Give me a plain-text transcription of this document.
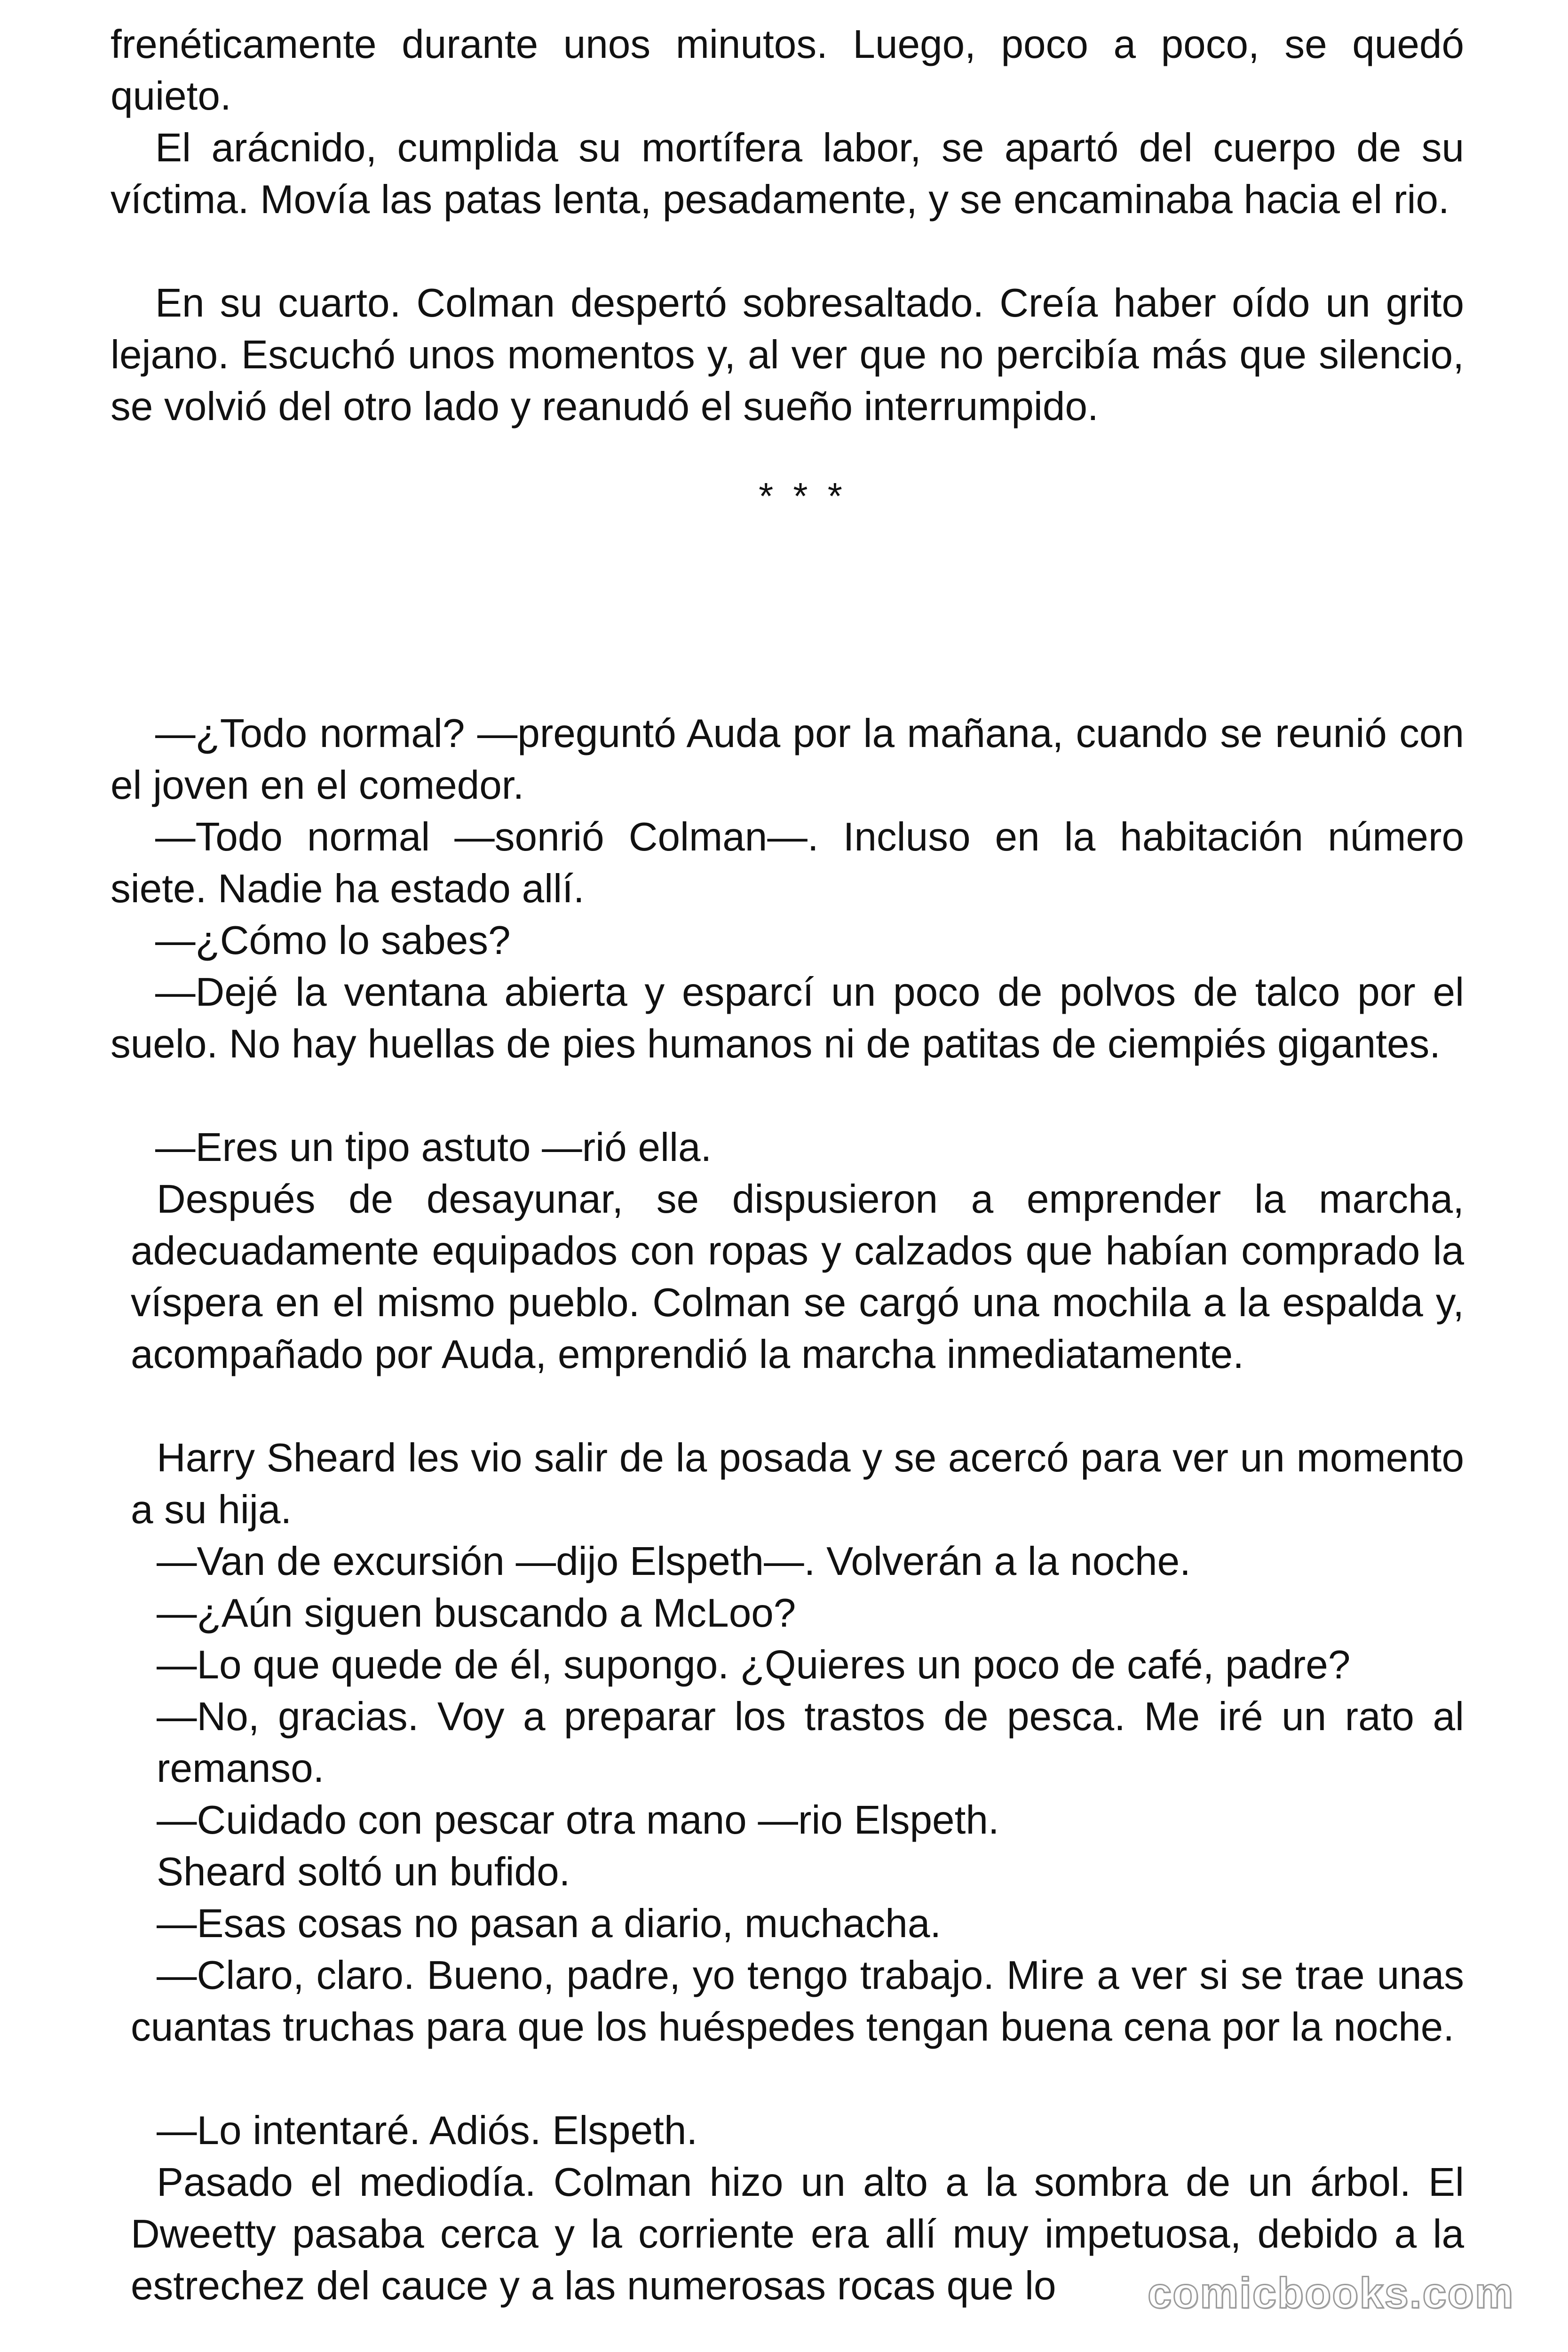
frenéticamente durante unos minutos. Luego, poco a poco, se quedó quieto.

El arácnido, cumplida su mortífera labor, se apartó del cuerpo de su víctima. Movía las patas lenta, pesadamente, y se encaminaba hacia el rio.

En su cuarto. Colman despertó sobresaltado. Creía haber oído un grito lejano. Escuchó unos momentos y, al ver que no percibía más que silencio, se volvió del otro lado y reanudó el sueño interrumpido.

* * *

—¿Todo normal? —preguntó Auda por la mañana, cuando se reunió con el joven en el comedor.

—Todo normal —sonrió Colman—. Incluso en la habitación número siete. Nadie ha estado allí.

—¿Cómo lo sabes?

—Dejé la ventana abierta y esparcí un poco de polvos de talco por el suelo. No hay huellas de pies humanos ni de patitas de ciempiés gigantes.

—Eres un tipo astuto —rió ella.

Después de desayunar, se dispusieron a emprender la marcha, adecuadamente equipados con ropas y calzados que habían comprado la víspera en el mismo pueblo. Colman se cargó una mochila a la espalda y, acompañado por Auda, emprendió la marcha inmediatamente.

Harry Sheard les vio salir de la posada y se acercó para ver un momento a su hija.

—Van de excursión —dijo Elspeth—. Volverán a la noche.

—¿Aún siguen buscando a McLoo?

—Lo que quede de él, supongo. ¿Quieres un poco de café, padre?

—No, gracias. Voy a preparar los trastos de pesca. Me iré un rato al remanso.

—Cuidado con pescar otra mano —rio Elspeth.

Sheard soltó un bufido.

—Esas cosas no pasan a diario, muchacha.

—Claro, claro. Bueno, padre, yo tengo trabajo. Mire a ver si se trae unas cuantas truchas para que los huéspedes tengan buena cena por la noche.

—Lo intentaré. Adiós. Elspeth.

Pasado el mediodía. Colman hizo un alto a la sombra de un árbol. El Dweetty pasaba cerca y la corriente era allí muy impetuosa, debido a la estrechez del cauce y a las numerosas rocas que lo	comicbooks.com
